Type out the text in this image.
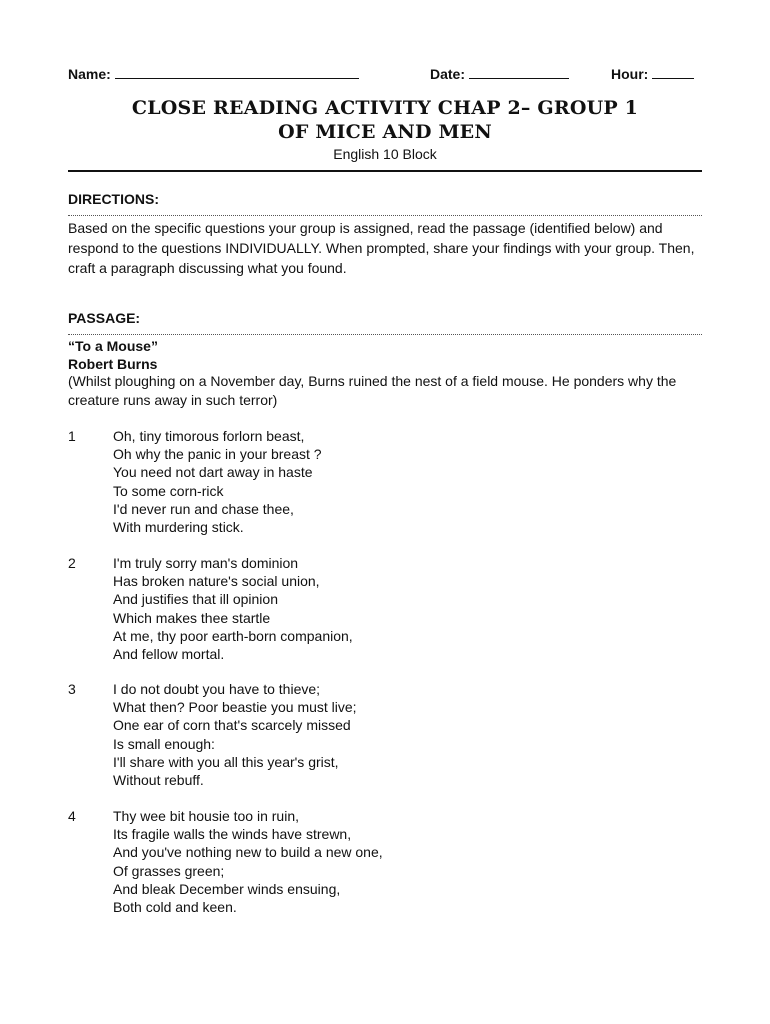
Name:	Date:	Hour:
CLOSE READING ACTIVITY CHAP 2– GROUP 1
OF MICE AND MEN
English 10 Block
DIRECTIONS:
Based on the specific questions your group is assigned, read the passage (identified below) and respond to the questions INDIVIDUALLY. When prompted, share your findings with your group. Then, craft a paragraph discussing what you found.
PASSAGE:
“To a Mouse”
Robert Burns
(Whilst ploughing on a November day, Burns ruined the nest of a field mouse. He ponders why the creature runs away in such terror)
1	Oh, tiny timorous forlorn beast,
Oh why the panic in your breast ?
You need not dart away in haste
To some corn-rick
I'd never run and chase thee,
With murdering stick.
2	I'm truly sorry man's dominion
Has broken nature's social union,
And justifies that ill opinion
Which makes thee startle
At me, thy poor earth-born companion,
And fellow mortal.
3	I do not doubt you have to thieve;
What then? Poor beastie you must live;
One ear of corn that's scarcely missed
Is small enough:
I'll share with you all this year's grist,
Without rebuff.
4	Thy wee bit housie too in ruin,
Its fragile walls the winds have strewn,
And you've nothing new to build a new one,
Of grasses green;
And bleak December winds ensuing,
Both cold and keen.
